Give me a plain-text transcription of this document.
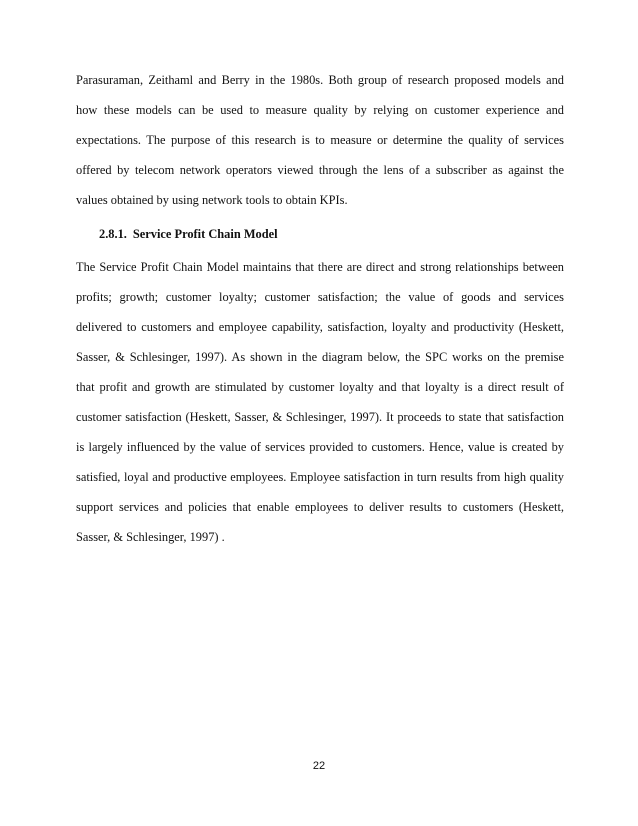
Parasuraman, Zeithaml and Berry in the 1980s. Both group of research proposed models and
how these models can be used to measure quality by relying on customer experience and
expectations. The purpose of this research is to measure or determine the quality of services
offered by telecom network operators viewed through the lens of a subscriber as against the
values obtained by using network tools to obtain KPIs.
2.8.1. Service Profit Chain Model
The Service Profit Chain Model maintains that there are direct and strong relationships between
profits; growth; customer loyalty; customer satisfaction; the value of goods and services
delivered to customers and employee capability, satisfaction, loyalty and productivity (Heskett,
Sasser, & Schlesinger, 1997). As shown in the diagram below, the SPC works on the premise
that profit and growth are stimulated by customer loyalty and that loyalty is a direct result of
customer satisfaction (Heskett, Sasser, & Schlesinger, 1997). It proceeds to state that satisfaction
is largely influenced by the value of services provided to customers. Hence, value is created by
satisfied, loyal and productive employees. Employee satisfaction in turn results from high quality
support services and policies that enable employees to deliver results to customers (Heskett,
Sasser, & Schlesinger, 1997) .
22
